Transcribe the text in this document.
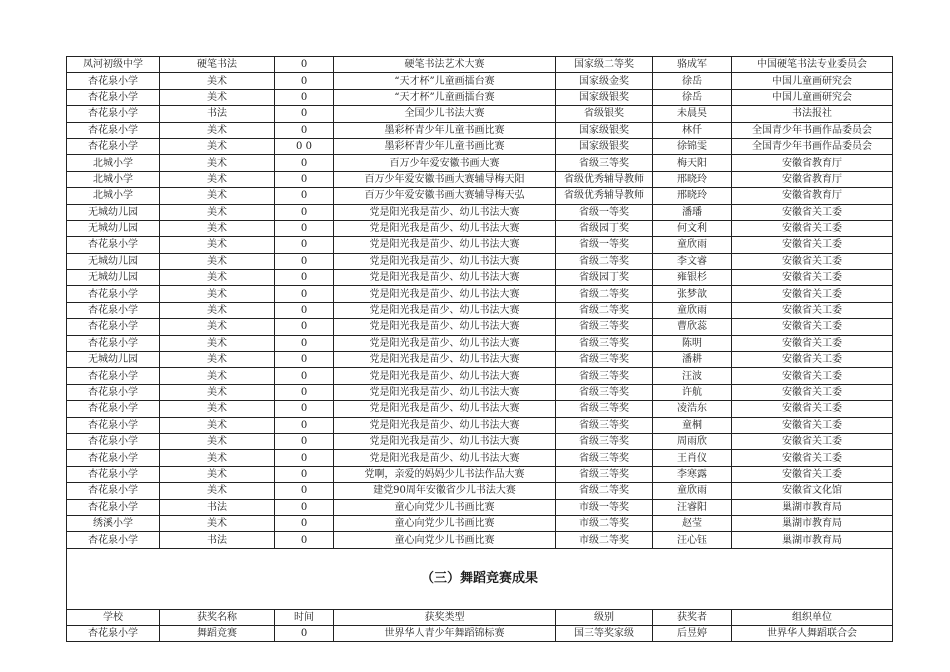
凤河初级中学	硬笔书法	0	硬笔书法艺术大赛	国家级二等奖	骆成军	中国硬笔书法专业委员会
杏花泉小学	美术	0	“天才杯”儿童画擂台赛	国家级金奖	徐岳	中国儿童画研究会
杏花泉小学	美术	0	“天才杯”儿童画擂台赛	国家级银奖	徐岳	中国儿童画研究会
杏花泉小学	书法	0	全国少儿书法大赛	省级银奖	未晨昊	书法报社
杏花泉小学	美术	0	墨彩杯青少年儿童书画比赛	国家级银奖	林仟	全国青少年书画作品委员会
杏花泉小学	美术	0 0	墨彩杯青少年儿童书画比赛	国家级银奖	徐锦雯	全国青少年书画作品委员会
北城小学	美术	0	百万少年爱安徽书画大赛	省级三等奖	梅天阳	安徽省教育厅
北城小学	美术	0	百万少年爱安徽书画大赛辅导梅天阳	省级优秀辅导教师	邢晓玲	安徽省教育厅
北城小学	美术	0	百万少年爱安徽书画大赛辅导梅天弘	省级优秀辅导教师	邢晓玲	安徽省教育厅
无城幼儿园	美术	0	党是阳光我是苗少、幼儿书法大赛	省级一等奖	潘璠	安徽省关工委
无城幼儿园	美术	0	党是阳光我是苗少、幼儿书法大赛	省级园丁奖	何文利	安徽省关工委
杏花泉小学	美术	0	党是阳光我是苗少、幼儿书法大赛	省级一等奖	童欣雨	安徽省关工委
无城幼儿园	美术	0	党是阳光我是苗少、幼儿书法大赛	省级二等奖	李文睿	安徽省关工委
无城幼儿园	美术	0	党是阳光我是苗少、幼儿书法大赛	省级园丁奖	雍银杉	安徽省关工委
杏花泉小学	美术	0	党是阳光我是苗少、幼儿书法大赛	省级二等奖	张梦歆	安徽省关工委
杏花泉小学	美术	0	党是阳光我是苗少、幼儿书法大赛	省级二等奖	童欣雨	安徽省关工委
杏花泉小学	美术	0	党是阳光我是苗少、幼儿书法大赛	省级三等奖	曹欣蕊	安徽省关工委
杏花泉小学	美术	0	党是阳光我是苗少、幼儿书法大赛	省级三等奖	陈明	安徽省关工委
无城幼儿园	美术	0	党是阳光我是苗少、幼儿书法大赛	省级三等奖	潘耕	安徽省关工委
杏花泉小学	美术	0	党是阳光我是苗少、幼儿书法大赛	省级三等奖	汪波	安徽省关工委
杏花泉小学	美术	0	党是阳光我是苗少、幼儿书法大赛	省级三等奖	许航	安徽省关工委
杏花泉小学	美术	0	党是阳光我是苗少、幼儿书法大赛	省级三等奖	凌浩东	安徽省关工委
杏花泉小学	美术	0	党是阳光我是苗少、幼儿书法大赛	省级三等奖	童桐	安徽省关工委
杏花泉小学	美术	0	党是阳光我是苗少、幼儿书法大赛	省级三等奖	周雨欣	安徽省关工委
杏花泉小学	美术	0	党是阳光我是苗少、幼儿书法大赛	省级三等奖	王肖仪	安徽省关工委
杏花泉小学	美术	0	党啊，亲爱的妈妈少儿书法作品大赛	省级三等奖	李寒露	安徽省关工委
杏花泉小学	美术	0	建党90周年安徽省少儿书法大赛	省级二等奖	童欣雨	安徽省文化馆
杏花泉小学	书法	0	童心向党少儿书画比赛	市级一等奖	汪睿阳	巢湖市教育局
绣溪小学	美术	0	童心向党少儿书画比赛	市级二等奖	赵莹	巢湖市教育局
杏花泉小学	书法	0	童心向党少儿书画比赛	市级二等奖	汪心钰	巢湖市教育局
（三）舞蹈竞赛成果						
学校	获奖名称	时间	获奖类型	级别	获奖者	组织单位
杏花泉小学	舞蹈竞赛	0	世界华人青少年舞蹈锦标赛	国三等奖家级	后昱婷	世界华人舞蹈联合会
